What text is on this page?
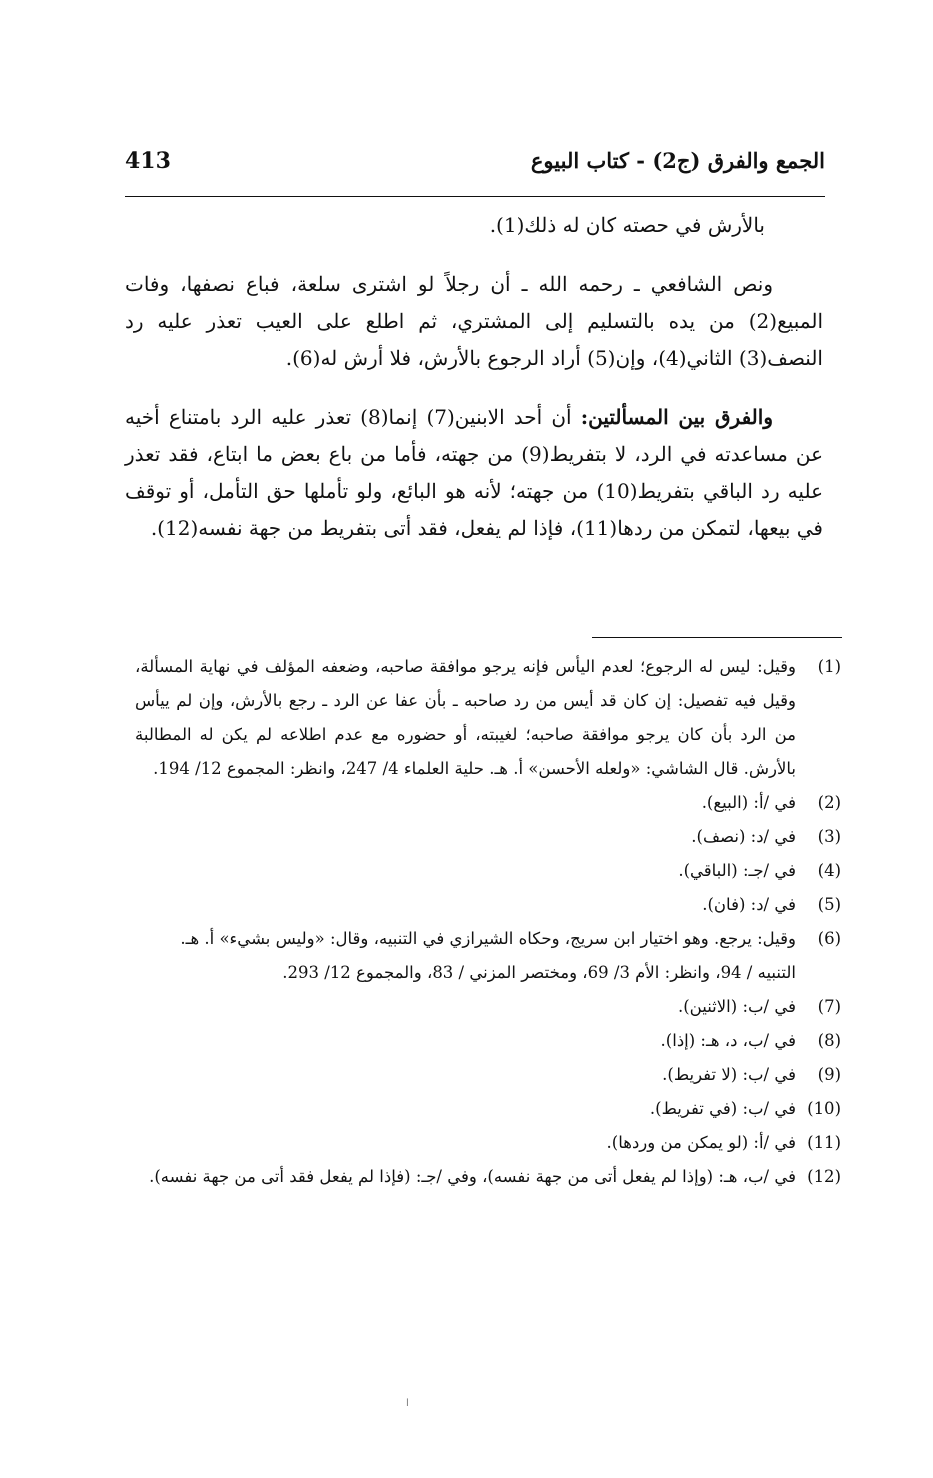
الجمع والفرق (ج2) - كتاب البيوع
413

بالأرش في حصته كان له ذلك(1).

ونص الشافعي ـ رحمه الله ـ أن رجلاً لو اشترى سلعة، فباع نصفها، وفات المبيع(2) من يده بالتسليم إلى المشتري، ثم اطلع على العيب تعذر عليه رد النصف(3) الثاني(4)، وإن(5) أراد الرجوع بالأرش، فلا أرش له(6).

والفرق بين المسألتين: أن أحد الابنين(7) إنما(8) تعذر عليه الرد بامتناع أخيه عن مساعدته في الرد، لا بتفريط(9) من جهته، فأما من باع بعض ما ابتاع، فقد تعذر عليه رد الباقي بتفريط(10) من جهته؛ لأنه هو البائع، ولو تأملها حق التأمل، أو توقف في بيعها، لتمكن من ردها(11)، فإذا لم يفعل، فقد أتى بتفريط من جهة نفسه(12).

(1)
وقيل: ليس له الرجوع؛ لعدم اليأس فإنه يرجو موافقة صاحبه، وضعفه المؤلف في نهاية المسألة، وقيل فيه تفصيل: إن كان قد أيس من رد صاحبه ـ بأن عفا عن الرد ـ رجع بالأرش، وإن لم ييأس من الرد بأن كان يرجو موافقة صاحبه؛ لغيبته، أو حضوره مع عدم اطلاعه لم يكن له المطالبة بالأرش. قال الشاشي: «ولعله الأحسن» أ. هـ. حلية العلماء 4/ 247، وانظر: المجموع 12/ 194.
(2)
في /أ: (البيع).
(3)
في /د: (نصف).
(4)
في /جـ: (الباقي).
(5)
في /د: (فان).
(6)
وقيل: يرجع. وهو اختيار ابن سريج، وحكاه الشيرازي في التنبيه، وقال: «وليس بشيء» أ. هـ.
التنبيه / 94، وانظر: الأم 3/ 69، ومختصر المزني / 83، والمجموع 12/ 293.
(7)
في /ب: (الاثنين).
(8)
في /ب، د، هـ: (إذا).
(9)
في /ب: (لا تفريط).
(10)
في /ب: (في تفريط).
(11)
في /أ: (لو يمكن من وردها).
(12)
في /ب، هـ: (وإذا لم يفعل أتى من جهة نفسه)، وفي /جـ: (فإذا لم يفعل فقد أتى من جهة نفسه).
ا
